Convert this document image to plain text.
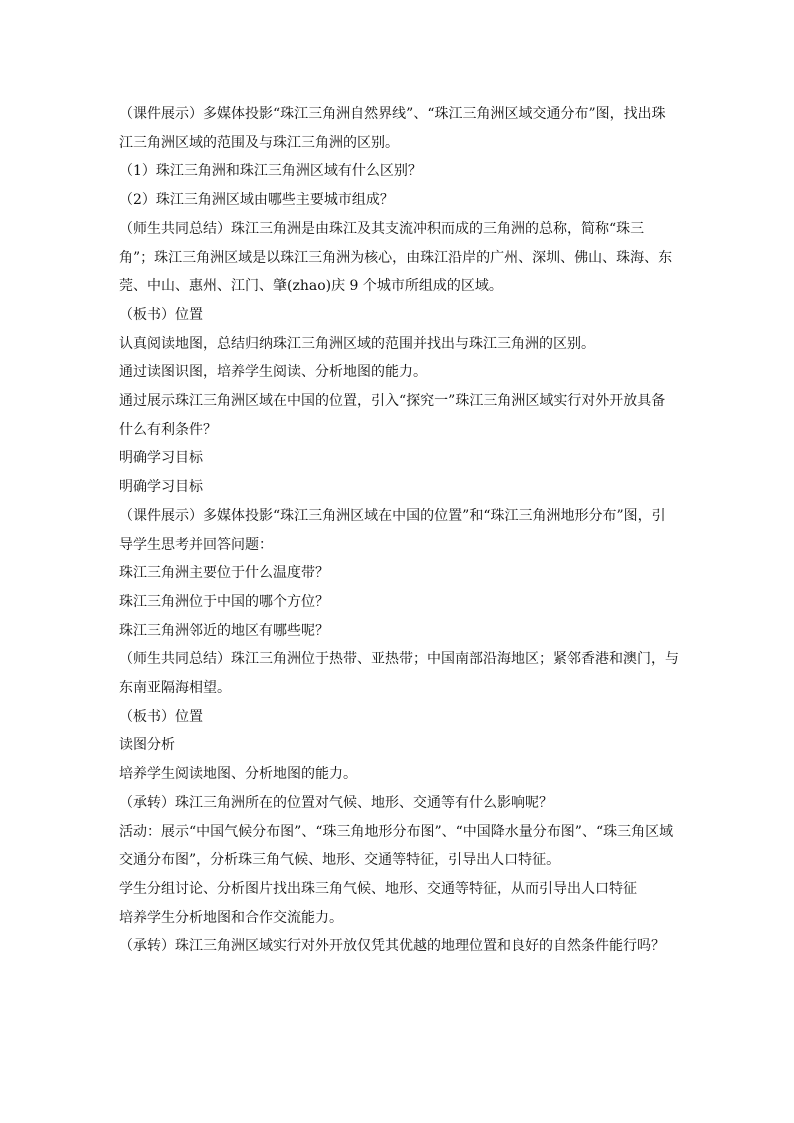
（课件展示）多媒体投影“珠江三角洲自然界线”、“珠江三角洲区域交通分布”图，找出珠江三角洲区域的范围及与珠江三角洲的区别。

（1）珠江三角洲和珠江三角洲区域有什么区别？

（2）珠江三角洲区域由哪些主要城市组成？

（师生共同总结）珠江三角洲是由珠江及其支流冲积而成的三角洲的总称，简称“珠三角”；珠江三角洲区域是以珠江三角洲为核心，由珠江沿岸的广州、深圳、佛山、珠海、东莞、中山、惠州、江门、肇(zhao)庆 9 个城市所组成的区域。

（板书）位置

认真阅读地图，总结归纳珠江三角洲区域的范围并找出与珠江三角洲的区别。

通过读图识图，培养学生阅读、分析地图的能力。

通过展示珠江三角洲区域在中国的位置，引入“探究一”珠江三角洲区域实行对外开放具备什么有利条件？

明确学习目标

明确学习目标

（课件展示）多媒体投影“珠江三角洲区域在中国的位置”和“珠江三角洲地形分布”图，引导学生思考并回答问题：

珠江三角洲主要位于什么温度带？

珠江三角洲位于中国的哪个方位？

珠江三角洲邻近的地区有哪些呢？

（师生共同总结）珠江三角洲位于热带、亚热带；中国南部沿海地区；紧邻香港和澳门，与东南亚隔海相望。

（板书）位置

读图分析

培养学生阅读地图、分析地图的能力。

（承转）珠江三角洲所在的位置对气候、地形、交通等有什么影响呢？

活动：展示“中国气候分布图”、“珠三角地形分布图”、“中国降水量分布图”、“珠三角区域交通分布图”，分析珠三角气候、地形、交通等特征，引导出人口特征。

学生分组讨论、分析图片找出珠三角气候、地形、交通等特征，从而引导出人口特征

培养学生分析地图和合作交流能力。

（承转）珠江三角洲区域实行对外开放仅凭其优越的地理位置和良好的自然条件能行吗？
